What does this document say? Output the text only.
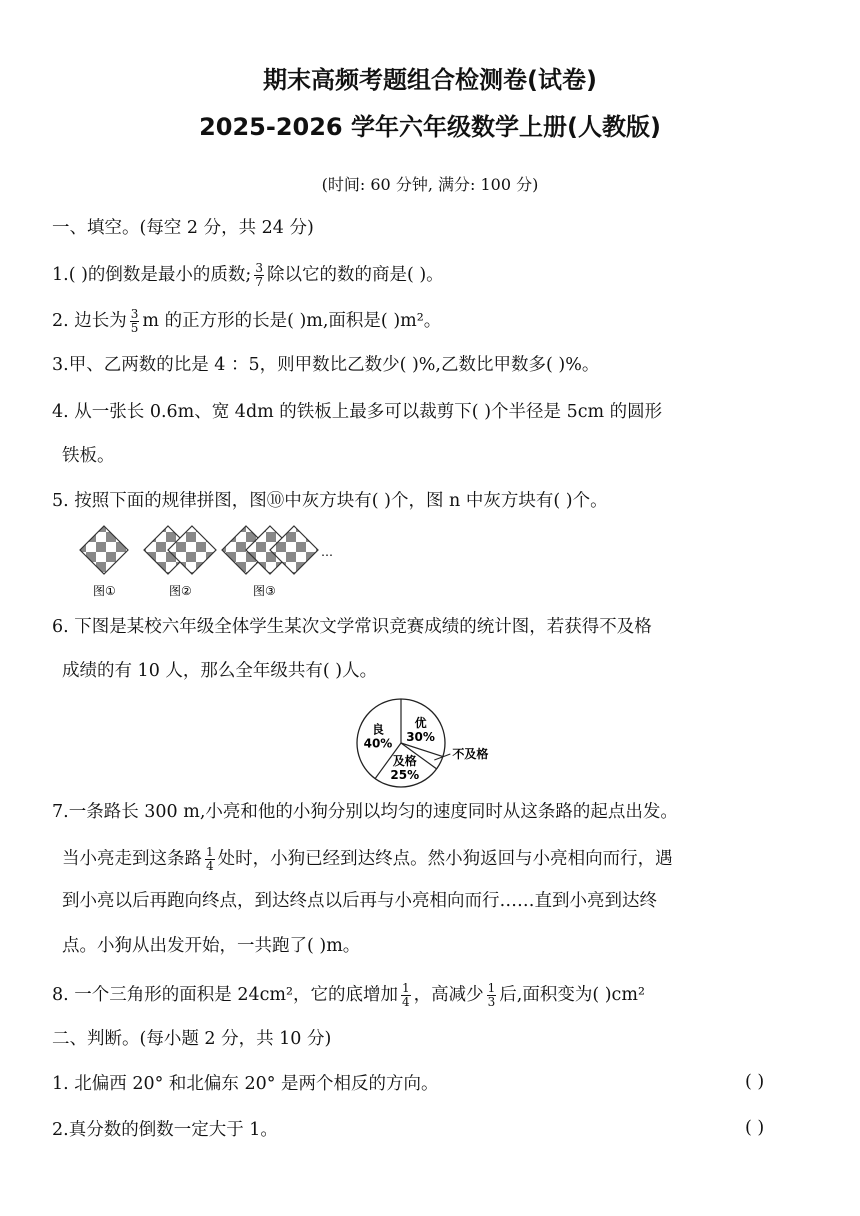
期末高频考题组合检测卷(试卷)
2025-2026 学年六年级数学上册(人教版)
(时间: 60 分钟, 满分: 100 分)
一、填空。(每空 2 分，共 24 分)
1.( )的倒数是最小的质数; $\frac{3}{7}$ 除以它的数的商是( )。
2. 边长为 $\frac{3}{5}$ m 的正方形的长是( )m,面积是( )m²。
3.甲、乙两数的比是 4 ：5，则甲数比乙数少( )%,乙数比甲数多( )%。
4. 从一张长 0.6m、宽 4dm 的铁板上最多可以裁剪下( )个半径是 5cm 的圆形
铁板。
5. 按照下面的规律拼图，图⑩中灰方块有( )个，图 n 中灰方块有( )个。
…
图①	图②	图③
6. 下图是某校六年级全体学生某次文学常识竞赛成绩的统计图，若获得不及格
成绩的有 10 人，那么全年级共有( )人。
优
30%
不及格
及格
25%
良
40%
7.一条路长 300 m,小亮和他的小狗分别以均匀的速度同时从这条路的起点出发。
当小亮走到这条路 $\frac{1}{4}$ 处时，小狗已经到达终点。然小狗返回与小亮相向而行，遇
到小亮以后再跑向终点，到达终点以后再与小亮相向而行……直到小亮到达终
点。小狗从出发开始，一共跑了( )m。
8. 一个三角形的面积是 24cm²，它的底增加 $\frac{1}{4}$ ，高减少 $\frac{1}{3}$ 后,面积变为( )cm²
二、判断。(每小题 2 分，共 10 分)
1. 北偏西 20° 和北偏东 20° 是两个相反的方向。	( )
2.真分数的倒数一定大于 1。	( )
